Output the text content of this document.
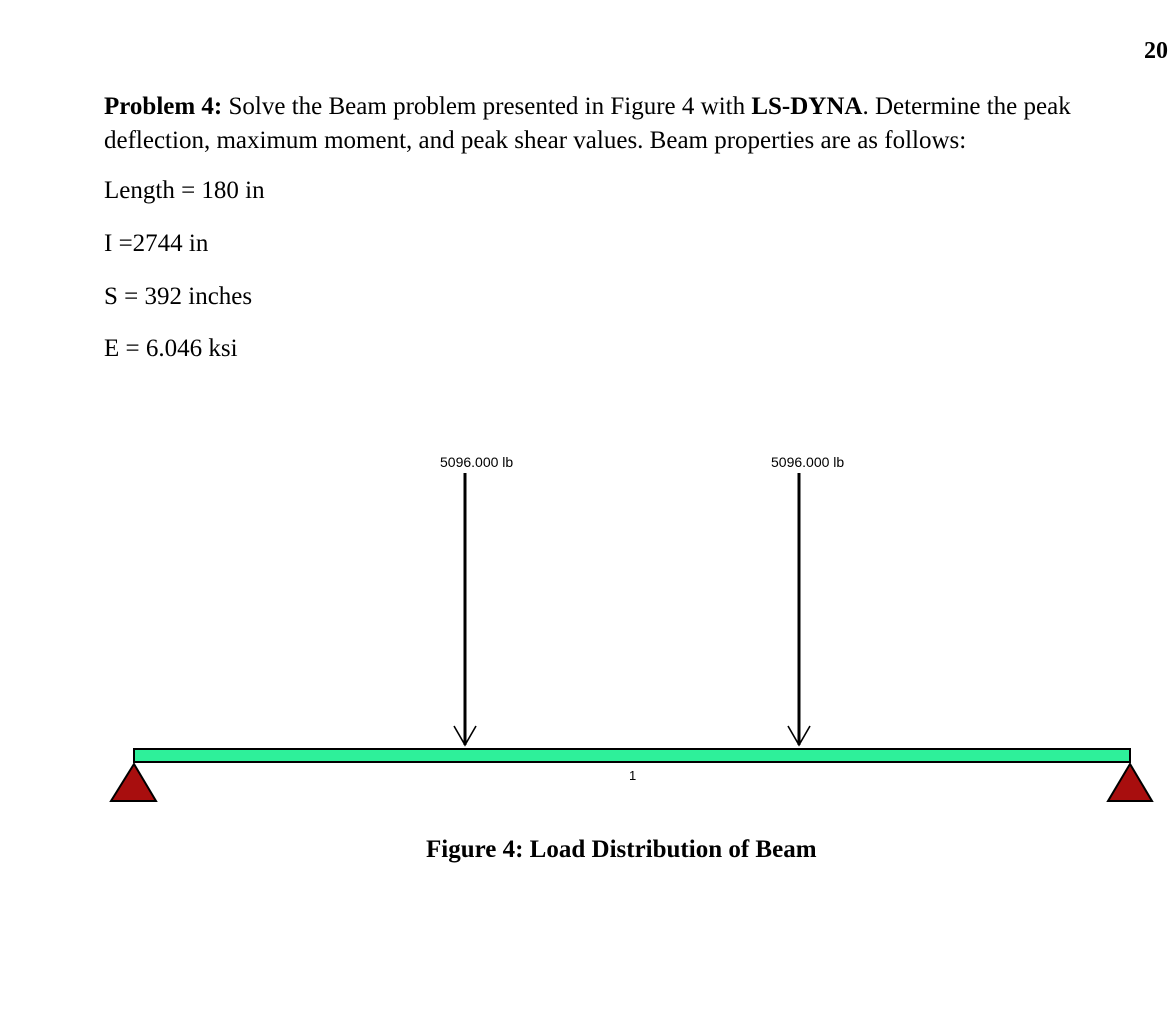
20
Problem 4: Solve the Beam problem presented in Figure 4 with LS-DYNA. Determine the peak
deflection, maximum moment, and peak shear values. Beam properties are as follows:
Length = 180 in
I =2744 in
S = 392 inches
E = 6.046 ksi
5096.000 lb	5096.000 lb
1
Figure 4: Load Distribution of Beam
